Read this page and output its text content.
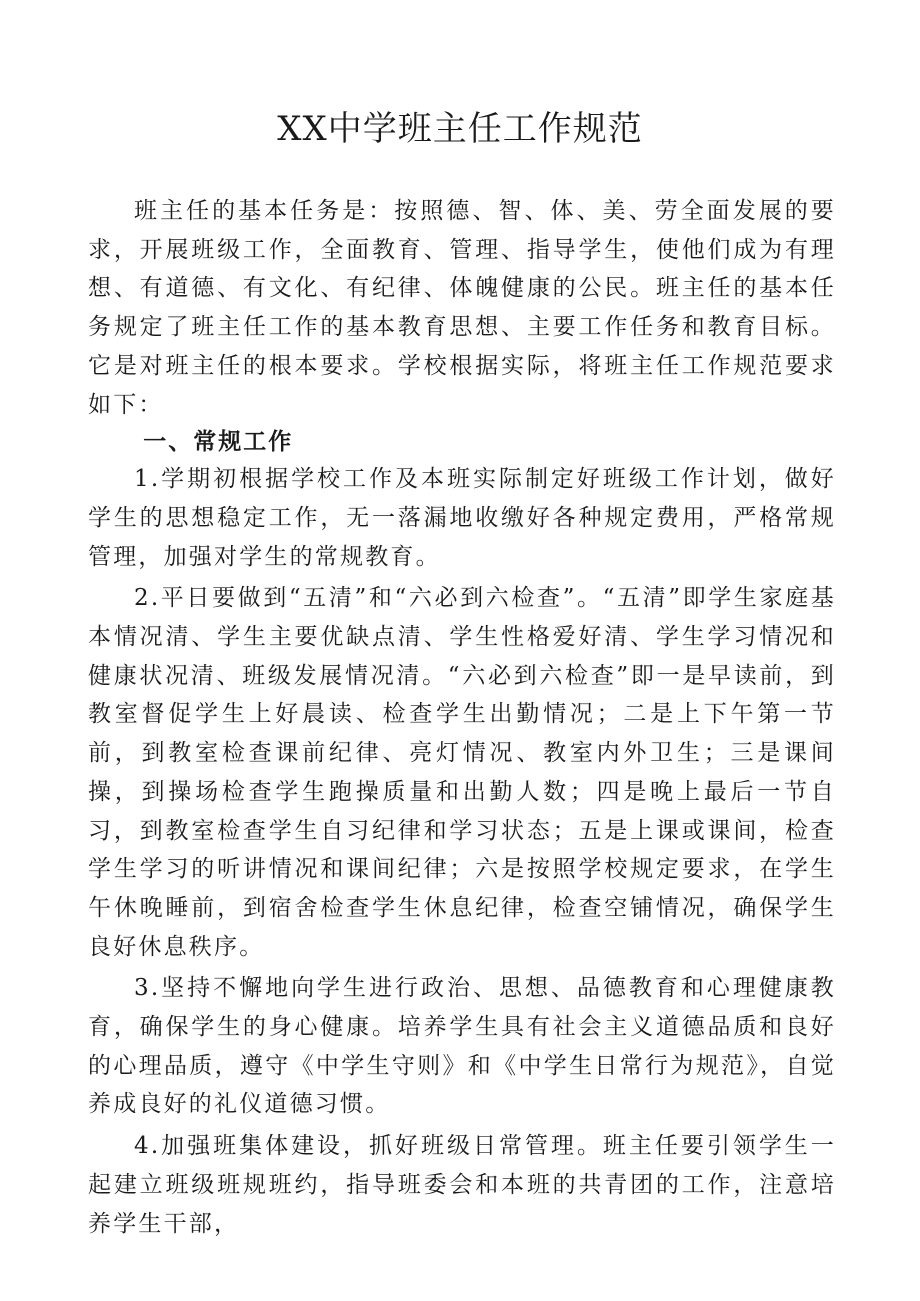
XX中学班主任工作规范

班主任的基本任务是：按照德、智、体、美、劳全面发展的要求，开展班级工作，全面教育、管理、指导学生，使他们成为有理想、有道德、有文化、有纪律、体魄健康的公民。班主任的基本任务规定了班主任工作的基本教育思想、主要工作任务和教育目标。它是对班主任的根本要求。学校根据实际，将班主任工作规范要求如下：

一、常规工作

1.学期初根据学校工作及本班实际制定好班级工作计划，做好学生的思想稳定工作，无一落漏地收缴好各种规定费用，严格常规管理，加强对学生的常规教育。

2.平日要做到“五清”和“六必到六检查”。“五清”即学生家庭基本情况清、学生主要优缺点清、学生性格爱好清、学生学习情况和健康状况清、班级发展情况清。“六必到六检查”即一是早读前，到教室督促学生上好晨读、检查学生出勤情况；二是上下午第一节前，到教室检查课前纪律、亮灯情况、教室内外卫生；三是课间操，到操场检查学生跑操质量和出勤人数；四是晚上最后一节自习，到教室检查学生自习纪律和学习状态；五是上课或课间，检查学生学习的听讲情况和课间纪律；六是按照学校规定要求，在学生午休晚睡前，到宿舍检查学生休息纪律，检查空铺情况，确保学生良好休息秩序。

3.坚持不懈地向学生进行政治、思想、品德教育和心理健康教育，确保学生的身心健康。培养学生具有社会主义道德品质和良好的心理品质，遵守《中学生守则》和《中学生日常行为规范》，自觉养成良好的礼仪道德习惯。

4.加强班集体建设，抓好班级日常管理。班主任要引领学生一起建立班级班规班约，指导班委会和本班的共青团的工作，注意培养学生干部，
